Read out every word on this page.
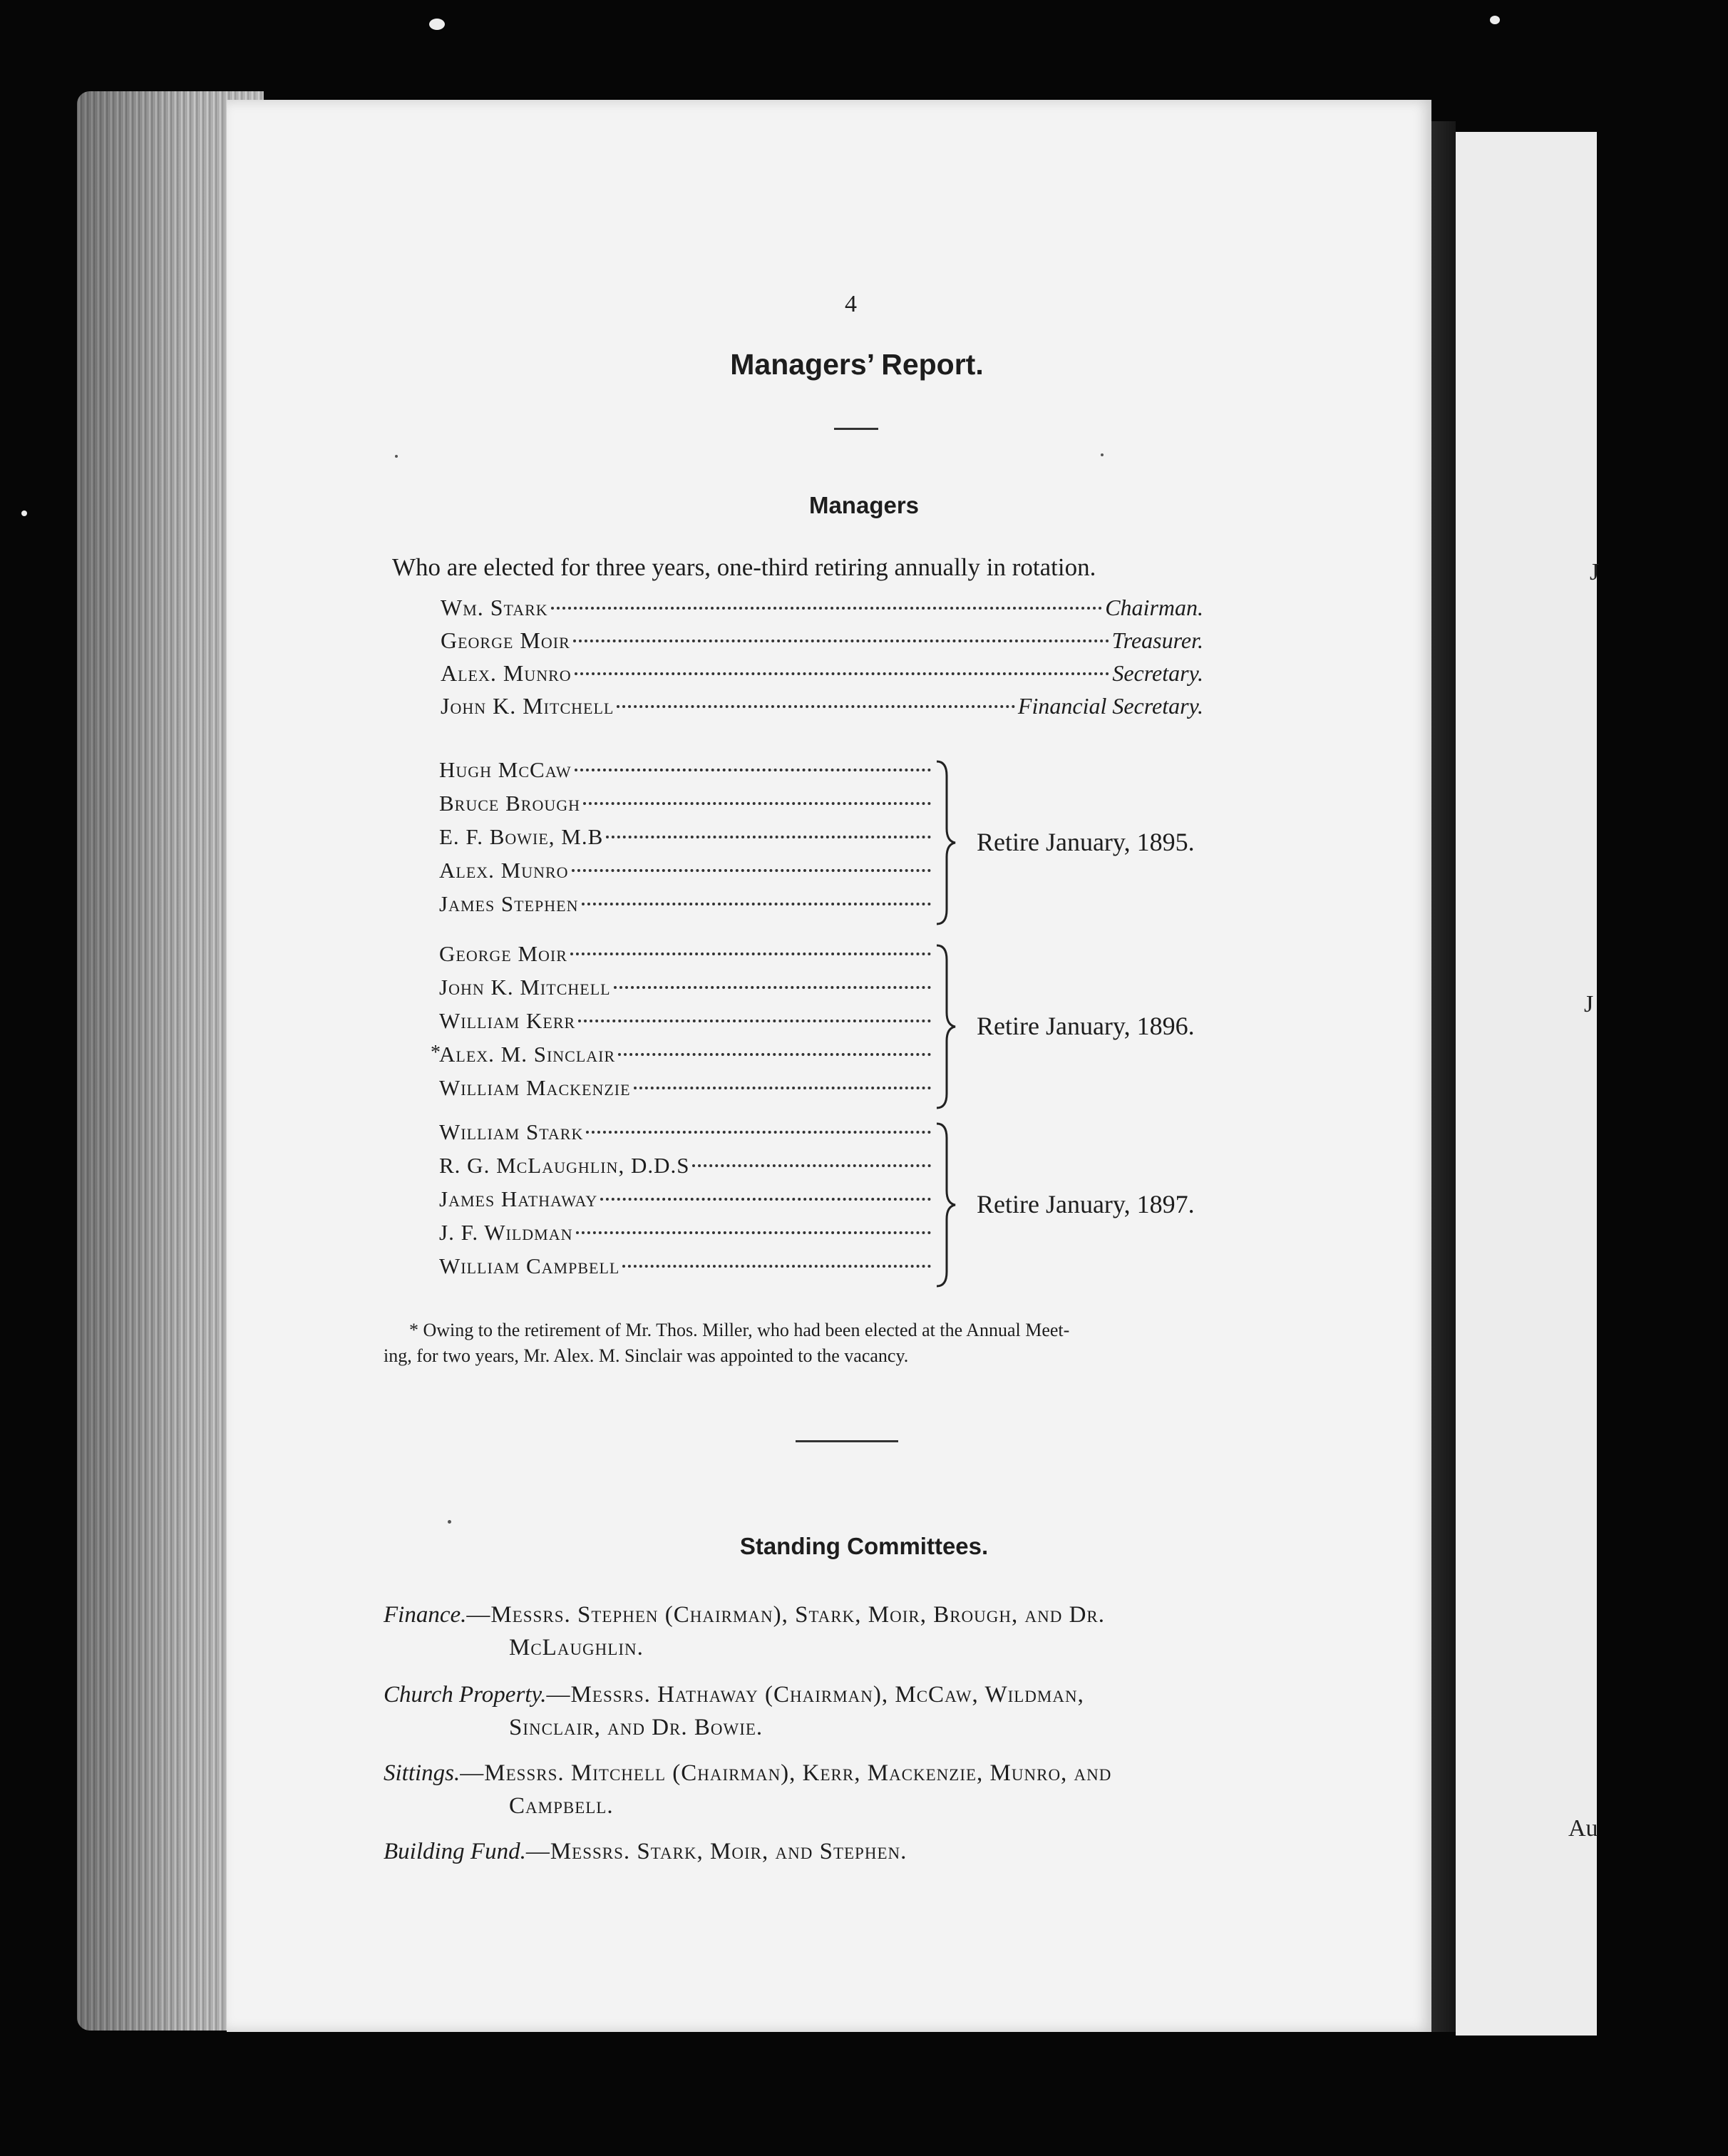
J
J
Au
4
Managers’ Report.
Managers
Who are elected for three years, one-third retiring annually in rotation.
Wm. Stark	Chairman.
George Moir	Treasurer.
Alex. Munro	Secretary.
John K. Mitchell	Financial Secretary.
Hugh McCaw
Bruce Brough
E. F. Bowie, M.B
Alex. Munro
James Stephen
Retire January, 1895.
George Moir
John K. Mitchell
William Kerr
*
Alex. M. Sinclair
William Mackenzie
Retire January, 1896.
William Stark
R. G. McLaughlin, D.D.S
James Hathaway
J. F. Wildman
William Campbell
Retire January, 1897.
* Owing to the retirement of Mr. Thos. Miller, who had been elected at the Annual Meet-
ing, for two years, Mr. Alex. M. Sinclair was appointed to the vacancy.
Standing Committees.
Finance.—Messrs. Stephen (Chairman), Stark, Moir, Brough, and Dr.
McLaughlin.
Church Property.—Messrs. Hathaway (Chairman), McCaw, Wildman,
Sinclair, and Dr. Bowie.
Sittings.—Messrs. Mitchell (Chairman), Kerr, Mackenzie, Munro, and
Campbell.
Building Fund.—Messrs. Stark, Moir, and Stephen.
